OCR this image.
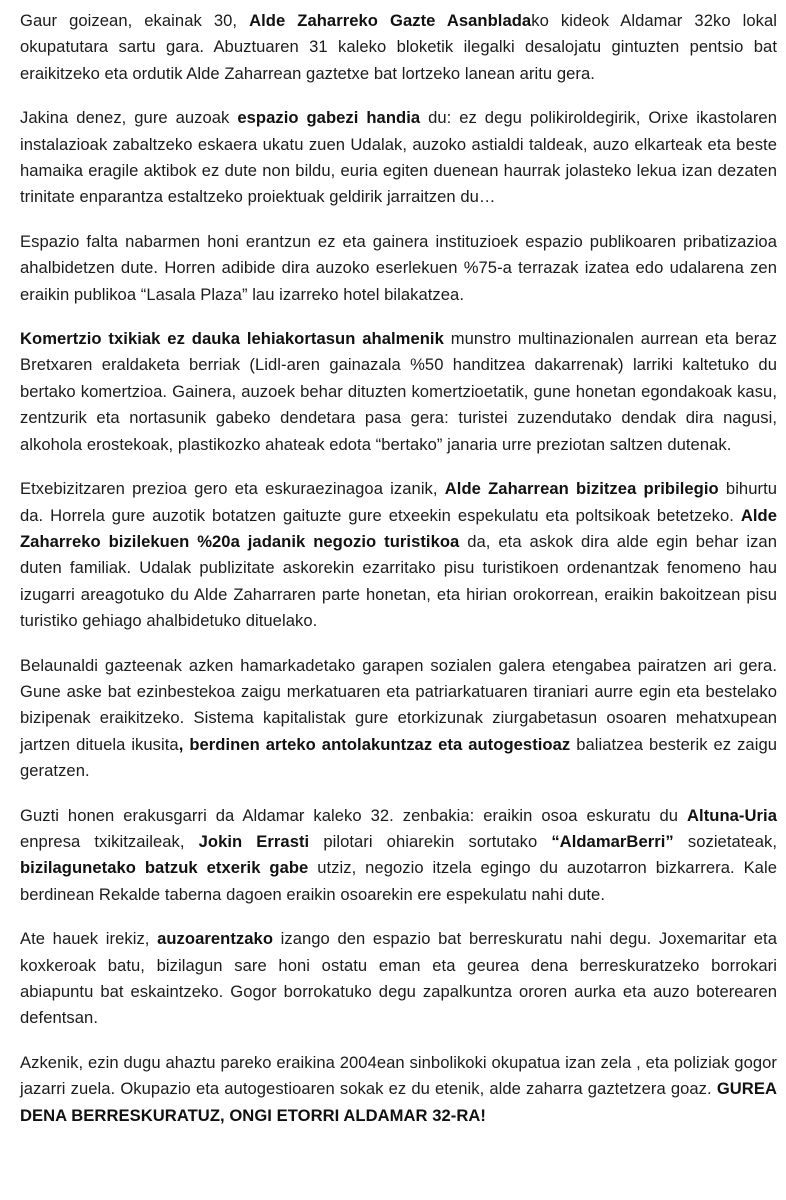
Gaur goizean, ekainak 30, Alde Zaharreko Gazte Asanbladako kideok Aldamar 32ko lokal okupatutara sartu gara. Abuztuaren 31 kaleko bloketik ilegalki desalojatu gintuzten pentsio bat eraikitzeko eta ordutik Alde Zaharrean gaztetxe bat lortzeko lanean aritu gera.

Jakina denez, gure auzoak espazio gabezi handia du: ez degu polikiroldegirik, Orixe ikastolaren instalazioak zabaltzeko eskaera ukatu zuen Udalak, auzoko astialdi taldeak, auzo elkarteak eta beste hamaika eragile aktibok ez dute non bildu, euria egiten duenean haurrak jolasteko lekua izan dezaten trinitate enparantza estaltzeko proiektuak geldirik jarraitzen du…

Espazio falta nabarmen honi erantzun ez eta gainera instituzioek espazio publikoaren pribatizazioa ahalbidetzen dute. Horren adibide dira auzoko eserlekuen %75-a terrazak izatea edo udalarena zen eraikin publikoa “Lasala Plaza” lau izarreko hotel bilakatzea.

Komertzio txikiak ez dauka lehiakortasun ahalmenik munstro multinazionalen aurrean eta beraz Bretxaren eraldaketa berriak (Lidl-aren gainazala %50 handitzea dakarrenak) larriki kaltetuko du bertako komertzioa. Gainera, auzoek behar dituzten komertzioetatik, gune honetan egondakoak kasu, zentzurik eta nortasunik gabeko dendetara pasa gera: turistei zuzendutako dendak dira nagusi, alkohola erostekoak, plastikozko ahateak edota “bertako” janaria urre preziotan saltzen dutenak.

Etxebizitzaren prezioa gero eta eskuraezinagoa izanik, Alde Zaharrean bizitzea pribilegio bihurtu da. Horrela gure auzotik botatzen gaituzte gure etxeekin espekulatu eta poltsikoak betetzeko. Alde Zaharreko bizilekuen %20a jadanik negozio turistikoa da, eta askok dira alde egin behar izan duten familiak. Udalak publizitate askorekin ezarritako pisu turistikoen ordenantzak fenomeno hau izugarri areagotuko du Alde Zaharraren parte honetan, eta hirian orokorrean, eraikin bakoitzean pisu turistiko gehiago ahalbidetuko dituelako.

Belaunaldi gazteenak azken hamarkadetako garapen sozialen galera etengabea pairatzen ari gera. Gune aske bat ezinbestekoa zaigu merkatuaren eta patriarkatuaren tiraniari aurre egin eta bestelako bizipenak eraikitzeko. Sistema kapitalistak gure etorkizunak ziurgabetasun osoaren mehatxupean jartzen dituela ikusita, berdinen arteko antolakuntzaz eta autogestioaz baliatzea besterik ez zaigu geratzen.

Guzti honen erakusgarri da Aldamar kaleko 32. zenbakia: eraikin osoa eskuratu du Altuna-Uria enpresa txikitzaileak, Jokin Errasti pilotari ohiarekin sortutako “AldamarBerri” sozietateak, bizilagunetako batzuk etxerik gabe utziz, negozio itzela egingo du auzotarron bizkarrera. Kale berdinean Rekalde taberna dagoen eraikin osoarekin ere espekulatu nahi dute.

Ate hauek irekiz, auzoarentzako izango den espazio bat berreskuratu nahi degu. Joxemaritar eta koxkeroak batu, bizilagun sare honi ostatu eman eta geurea dena berreskuratzeko borrokari abiapuntu bat eskaintzeko. Gogor borrokatuko degu zapalkuntza ororen aurka eta auzo boterearen defentsan.

Azkenik, ezin dugu ahaztu pareko eraikina 2004ean sinbolikoki okupatua izan zela , eta poliziak gogor jazarri zuela. Okupazio eta autogestioaren sokak ez du etenik, alde zaharra gaztetzera goaz. GUREA DENA BERRESKURATUZ, ONGI ETORRI ALDAMAR 32-RA!
